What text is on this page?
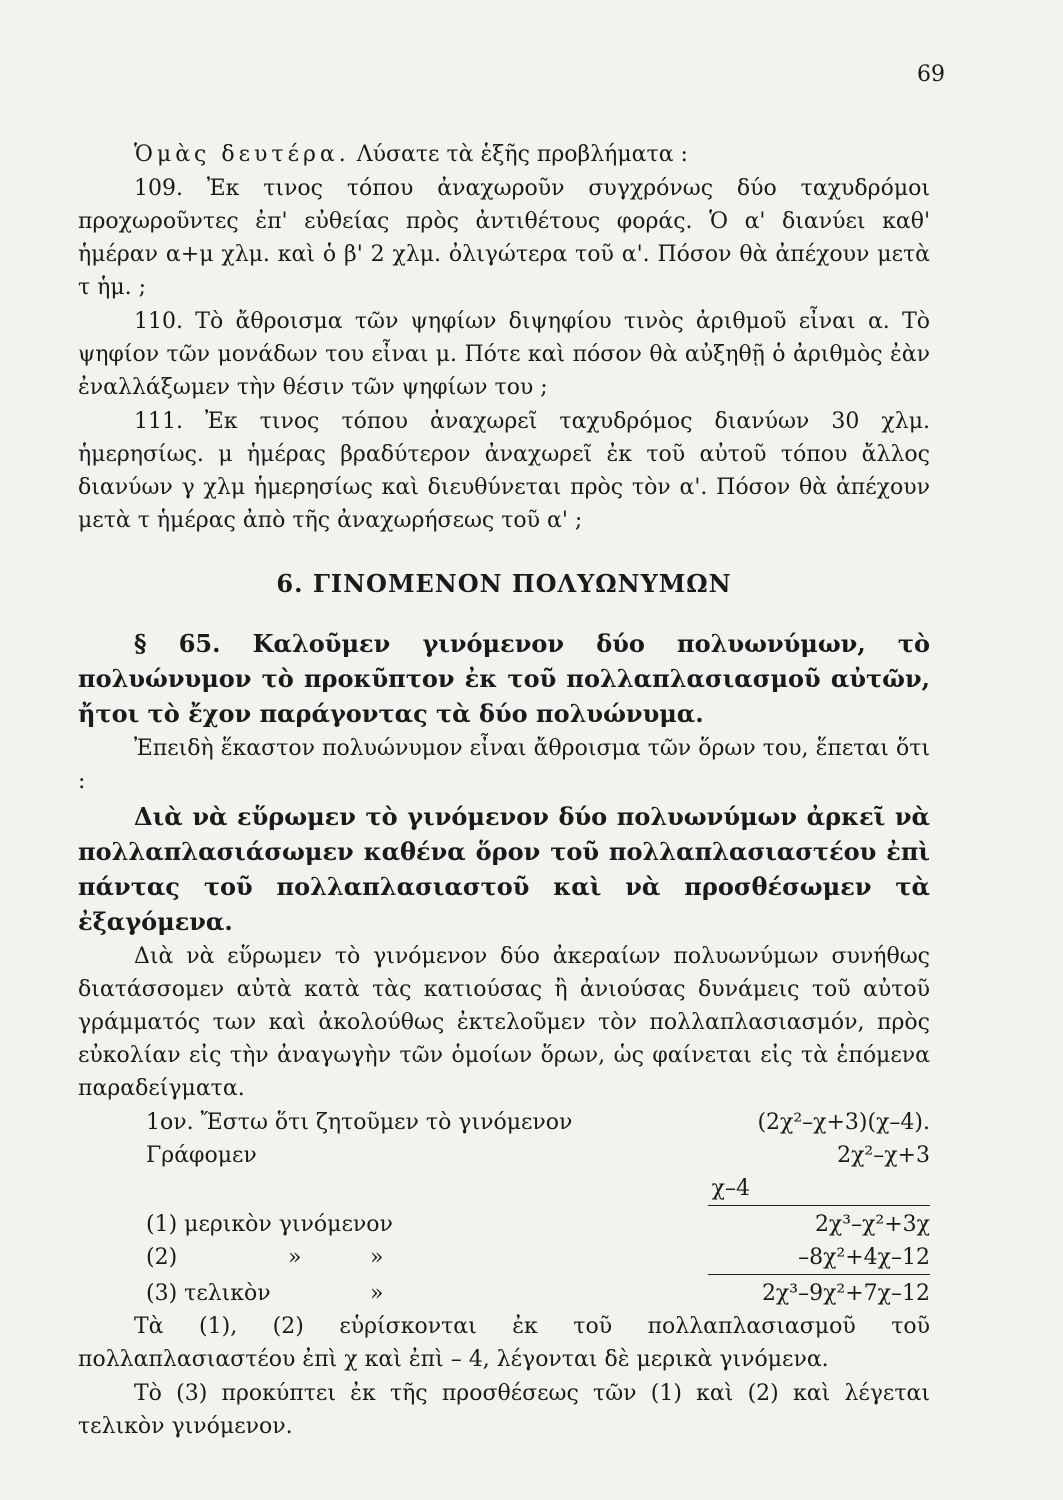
69

Ὁμὰς δευτέρα. Λύσατε τὰ ἑξῆς προβλήματα :

109. Ἐκ τινος τόπου ἀναχωροῦν συγχρόνως δύο ταχυδρόμοι προχωροῦντες ἐπ' εὐθείας πρὸς ἀντιθέτους φοράς. Ὁ α' διανύει καθ' ἡμέραν α+μ χλμ. καὶ ὁ β' 2 χλμ. ὀλιγώτερα τοῦ α'. Πόσον θὰ ἀπέχουν μετὰ τ ἡμ. ;

110. Τὸ ἄθροισμα τῶν ψηφίων διψηφίου τινὸς ἀριθμοῦ εἶναι α. Τὸ ψηφίον τῶν μονάδων του εἶναι μ. Πότε καὶ πόσον θὰ αὐξηθῇ ὁ ἀριθμὸς ἐὰν ἐναλλάξωμεν τὴν θέσιν τῶν ψηφίων του ;

111. Ἐκ τινος τόπου ἀναχωρεῖ ταχυδρόμος διανύων 30 χλμ. ἡμερησίως. μ ἡμέρας βραδύτερον ἀναχωρεῖ ἐκ τοῦ αὐτοῦ τόπου ἄλλος διανύων γ χλμ ἡμερησίως καὶ διευθύνεται πρὸς τὸν α'. Πόσον θὰ ἀπέχουν μετὰ τ ἡμέρας ἀπὸ τῆς ἀναχωρήσεως τοῦ α' ;

6. ΓΙΝΟΜΕΝΟΝ ΠΟΛΥΩΝΥΜΩΝ

§ 65. Καλοῦμεν γινόμενον δύο πολυωνύμων, τὸ πολυώνυμον τὸ προκῦπτον ἐκ τοῦ πολλαπλασιασμοῦ αὐτῶν, ἤτοι τὸ ἔχον παράγοντας τὰ δύο πολυώνυμα.

Ἐπειδὴ ἕκαστον πολυώνυμον εἶναι ἄθροισμα τῶν ὅρων του, ἕπεται ὅτι :

Διὰ νὰ εὕρωμεν τὸ γινόμενον δύο πολυωνύμων ἀρκεῖ νὰ πολλαπλασιάσωμεν καθένα ὅρον τοῦ πολλαπλασιαστέου ἐπὶ πάντας τοῦ πολλαπλασιαστοῦ καὶ νὰ προσθέσωμεν τὰ ἐξαγόμενα.

Διὰ νὰ εὕρωμεν τὸ γινόμενον δύο ἀκεραίων πολυωνύμων συνήθως διατάσσομεν αὐτὰ κατὰ τὰς κατιούσας ἢ ἀνιούσας δυνάμεις τοῦ αὐτοῦ γράμματός των καὶ ἀκολούθως ἐκτελοῦμεν τὸν πολλαπλασιασμόν, πρὸς εὐκολίαν εἰς τὴν ἀναγωγὴν τῶν ὁμοίων ὅρων, ὡς φαίνεται εἰς τὰ ἑπόμενα παραδείγματα.

1ον. Ἔστω ὅτι ζητοῦμεν τὸ γινόμενον	(2χ²–χ+3)(χ–4).
Γράφομεν	2χ²–χ+3
χ–4
(1) μερικὸν γινόμενον	2χ³–χ²+3χ
(2)	»	»	–8χ²+4χ–12
(3) τελικὸν	»	2χ³–9χ²+7χ–12

Τὰ (1), (2) εὑρίσκονται ἐκ τοῦ πολλαπλασιασμοῦ τοῦ πολλαπλασιαστέου ἐπὶ χ καὶ ἐπὶ – 4, λέγονται δὲ μερικὰ γινόμενα.

Τὸ (3) προκύπτει ἐκ τῆς προσθέσεως τῶν (1) καὶ (2) καὶ λέγεται τελικὸν γινόμενον.
